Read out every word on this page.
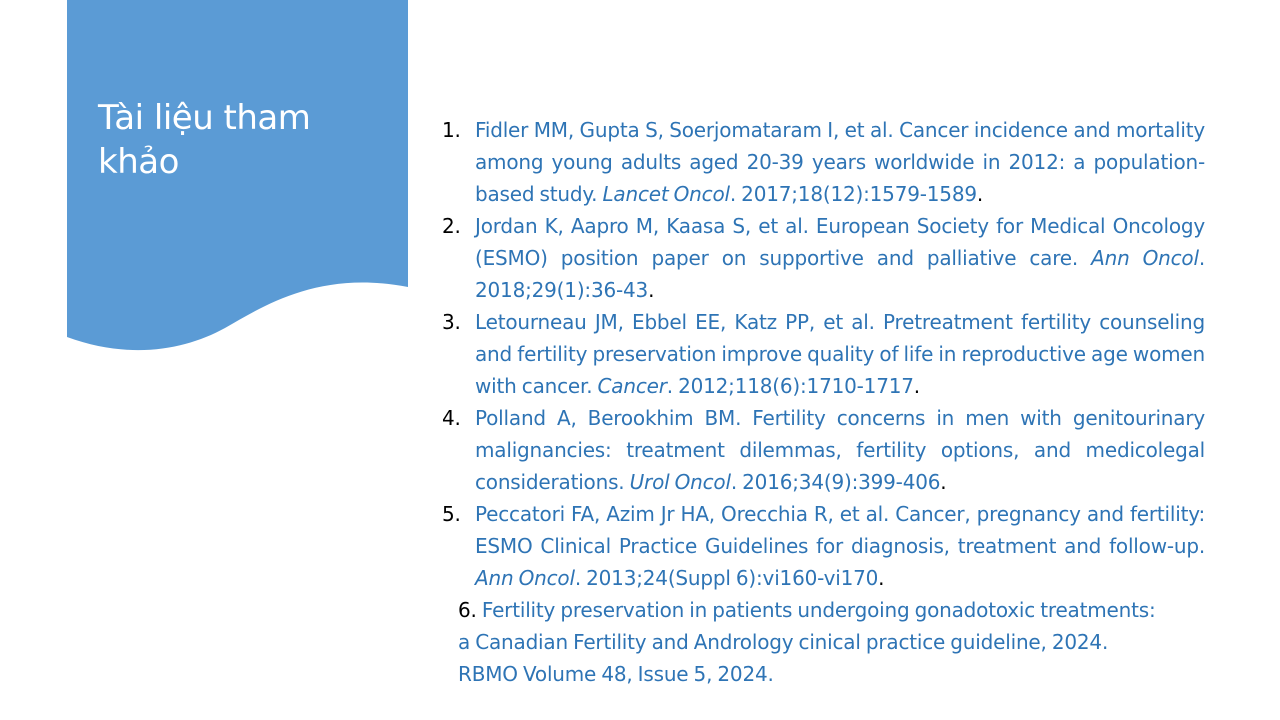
Tài liệu tham khảo
1. Fidler MM, Gupta S, Soerjomataram I, et al. Cancer incidence and mortality among young adults aged 20-39 years worldwide in 2012: a population-based study. Lancet Oncol. 2017;18(12):1579-1589.
2. Jordan K, Aapro M, Kaasa S, et al. European Society for Medical Oncology (ESMO) position paper on supportive and palliative care. Ann Oncol. 2018;29(1):36-43.
3. Letourneau JM, Ebbel EE, Katz PP, et al. Pretreatment fertility counseling and fertility preservation improve quality of life in reproductive age women with cancer. Cancer. 2012;118(6):1710-1717.
4. Polland A, Berookhim BM. Fertility concerns in men with genitourinary malignancies: treatment dilemmas, fertility options, and medicolegal considerations. Urol Oncol. 2016;34(9):399-406.
5. Peccatori FA, Azim Jr HA, Orecchia R, et al. Cancer, pregnancy and fertility: ESMO Clinical Practice Guidelines for diagnosis, treatment and follow-up. Ann Oncol. 2013;24(Suppl 6):vi160-vi170.

6. Fertility preservation in patients undergoing gonadotoxic treatments: a Canadian Fertility and Andrology cinical practice guideline, 2024. RBMO Volume 48, Issue 5, 2024.
